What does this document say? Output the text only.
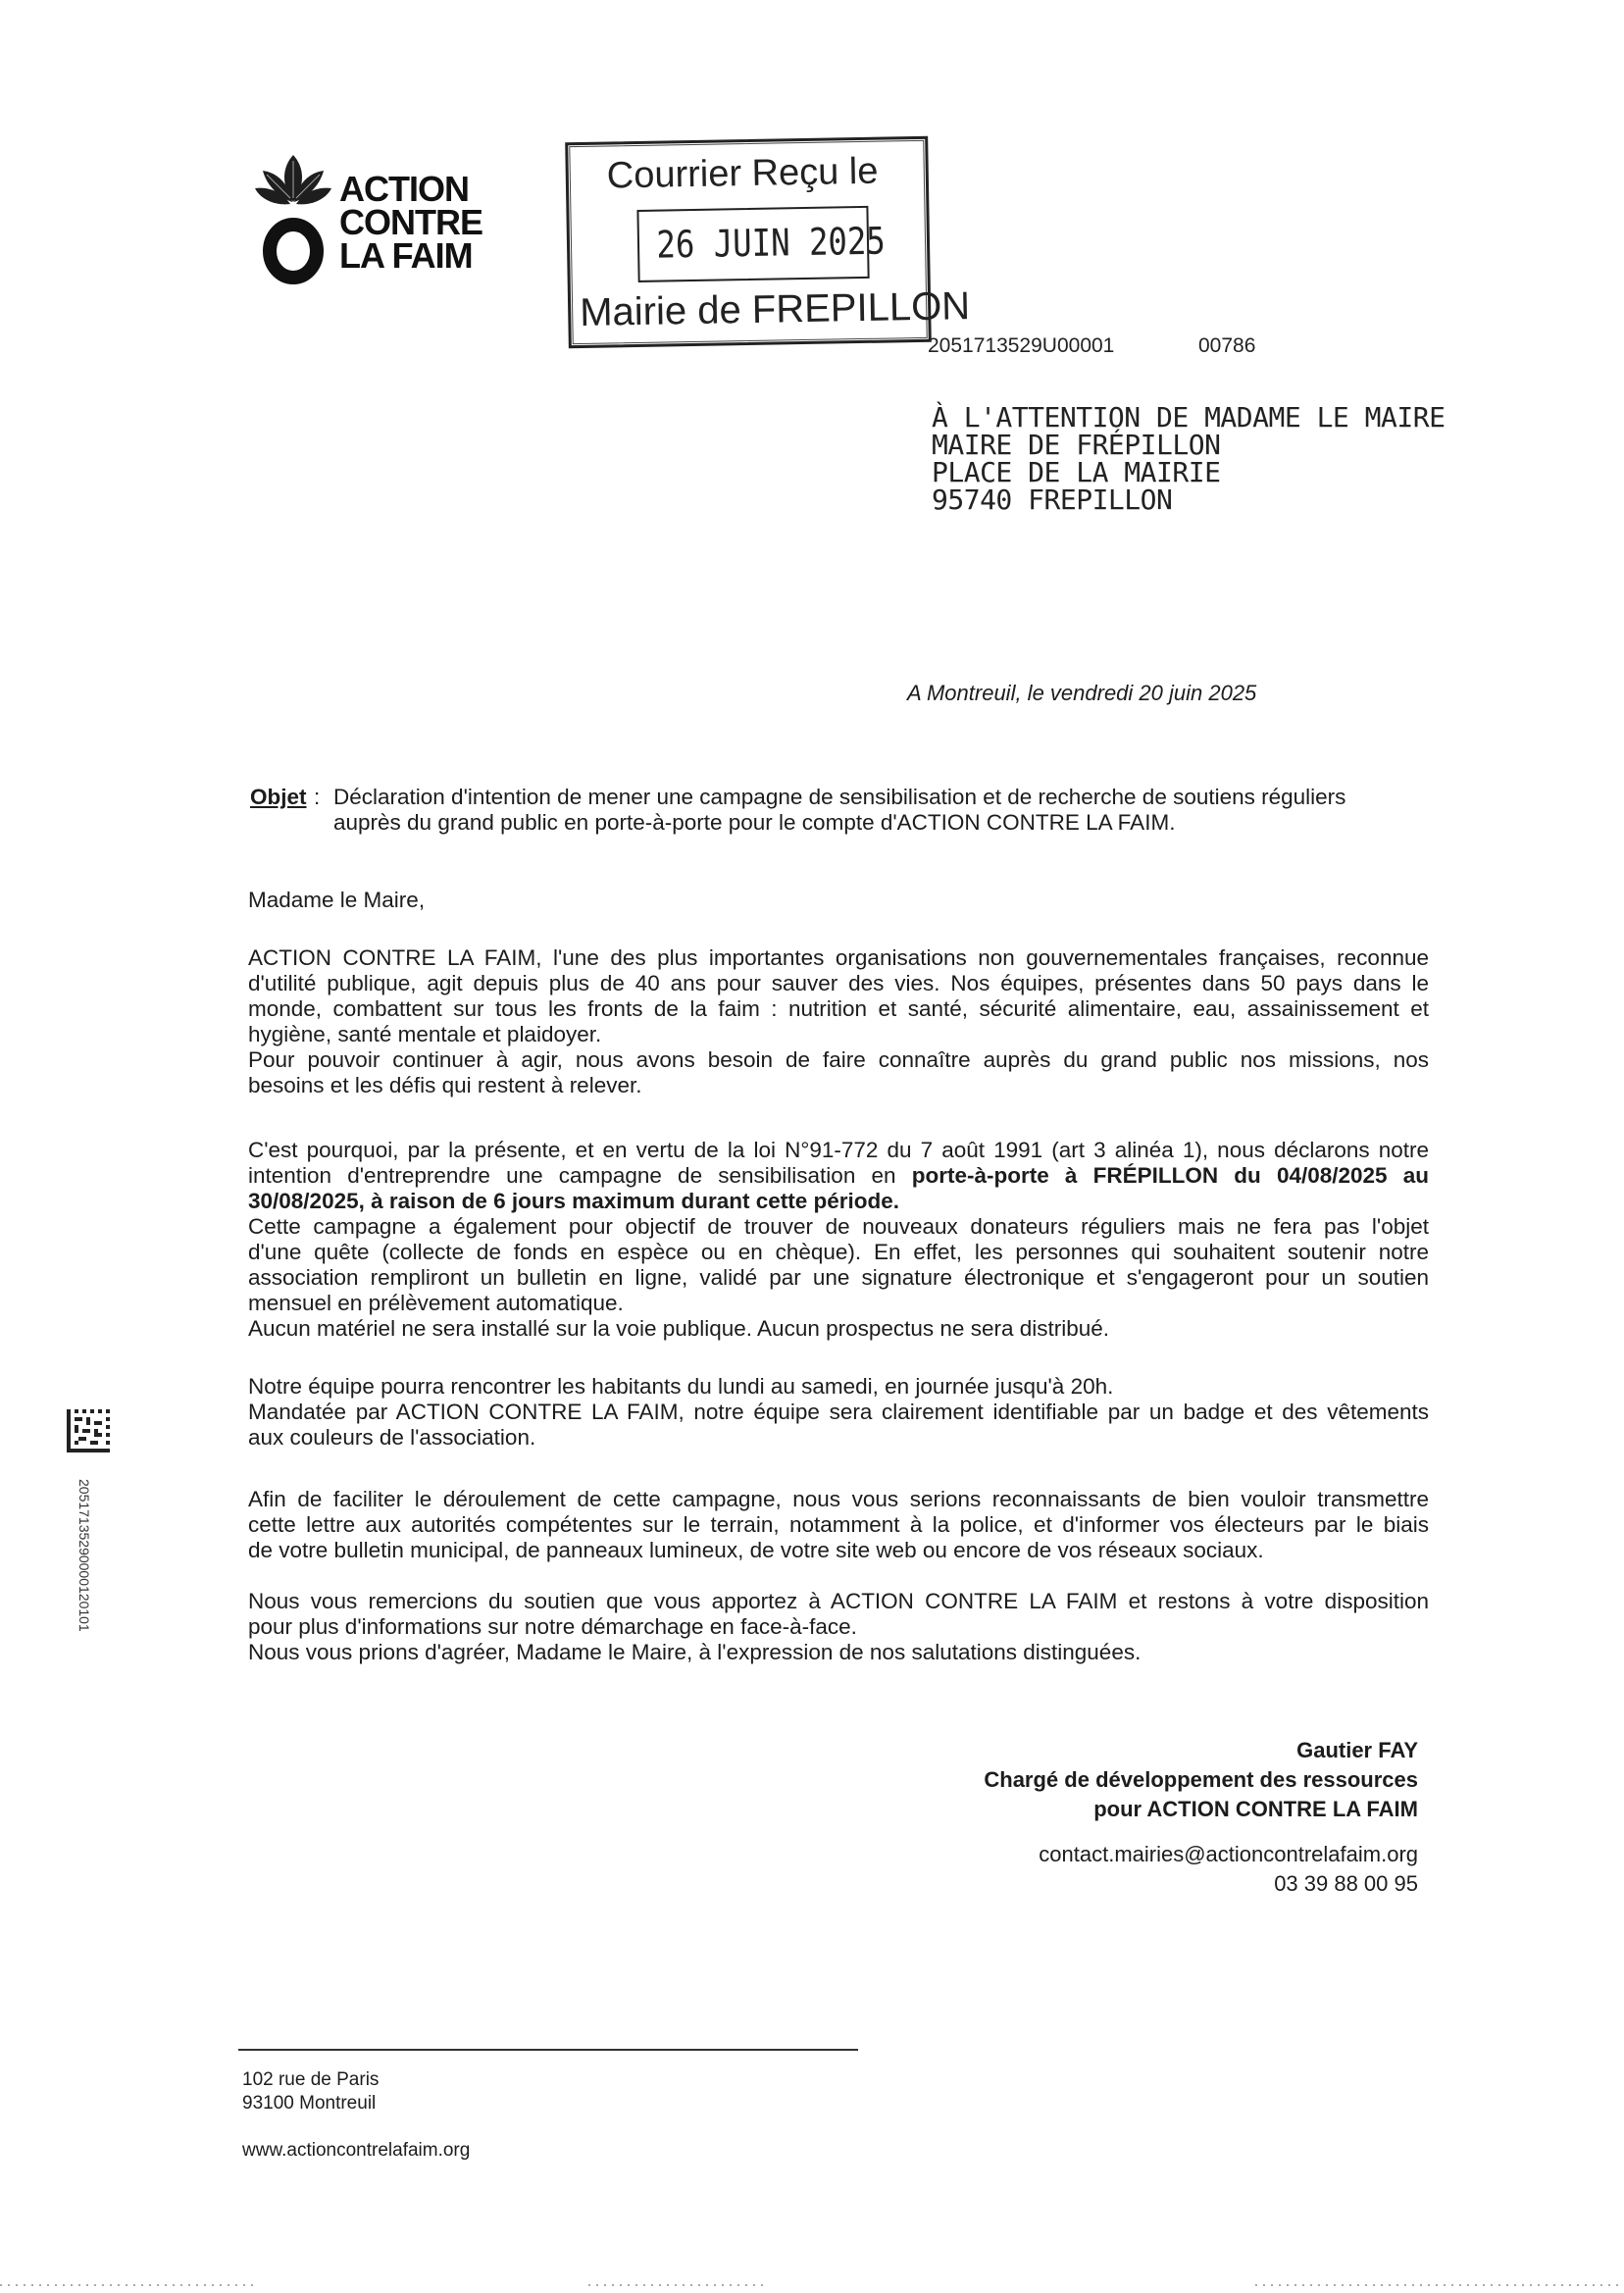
ACTION
CONTRE
LA FAIM
Courrier Reçu le
26 JUIN 2025
Mairie de FREPILLON
2051713529U00001	00786
À L'ATTENTION DE MADAME LE MAIRE
MAIRE DE FRÉPILLON
PLACE DE LA MAIRIE
95740 FREPILLON
A Montreuil, le vendredi 20 juin 2025
Objet : Déclaration d'intention de mener une campagne de sensibilisation et de recherche de soutiens réguliers
auprès du grand public en porte-à-porte pour le compte d'ACTION CONTRE LA FAIM.
Madame le Maire,
ACTION CONTRE LA FAIM, l'une des plus importantes organisations non gouvernementales françaises, reconnue
d'utilité publique, agit depuis plus de 40 ans pour sauver des vies. Nos équipes, présentes dans 50 pays dans le
monde, combattent sur tous les fronts de la faim : nutrition et santé, sécurité alimentaire, eau, assainissement et
hygiène, santé mentale et plaidoyer.
Pour pouvoir continuer à agir, nous avons besoin de faire connaître auprès du grand public nos missions, nos
besoins et les défis qui restent à relever.
C'est pourquoi, par la présente, et en vertu de la loi N°91-772 du 7 août 1991 (art 3 alinéa 1), nous déclarons notre
intention d'entreprendre une campagne de sensibilisation en porte-à-porte à FRÉPILLON du 04/08/2025 au
30/08/2025, à raison de 6 jours maximum durant cette période.
Cette campagne a également pour objectif de trouver de nouveaux donateurs réguliers mais ne fera pas l'objet
d'une quête (collecte de fonds en espèce ou en chèque). En effet, les personnes qui souhaitent soutenir notre
association rempliront un bulletin en ligne, validé par une signature électronique et s'engageront pour un soutien
mensuel en prélèvement automatique.
Aucun matériel ne sera installé sur la voie publique. Aucun prospectus ne sera distribué.
Notre équipe pourra rencontrer les habitants du lundi au samedi, en journée jusqu'à 20h.
Mandatée par ACTION CONTRE LA FAIM, notre équipe sera clairement identifiable par un badge et des vêtements
aux couleurs de l'association.
Afin de faciliter le déroulement de cette campagne, nous vous serions reconnaissants de bien vouloir transmettre
cette lettre aux autorités compétentes sur le terrain, notamment à la police, et d'informer vos électeurs par le biais
de votre bulletin municipal, de panneaux lumineux, de votre site web ou encore de vos réseaux sociaux.
Nous vous remercions du soutien que vous apportez à ACTION CONTRE LA FAIM et restons à votre disposition
pour plus d'informations sur notre démarchage en face-à-face.
Nous vous prions d'agréer, Madame le Maire, à l'expression de nos salutations distinguées.
Gautier FAY
Chargé de développement des ressources
pour ACTION CONTRE LA FAIM
contact.mairies@actioncontrelafaim.org
03 39 88 00 95
102 rue de Paris
93100 Montreuil
www.actioncontrelafaim.org
20517135290000120101
